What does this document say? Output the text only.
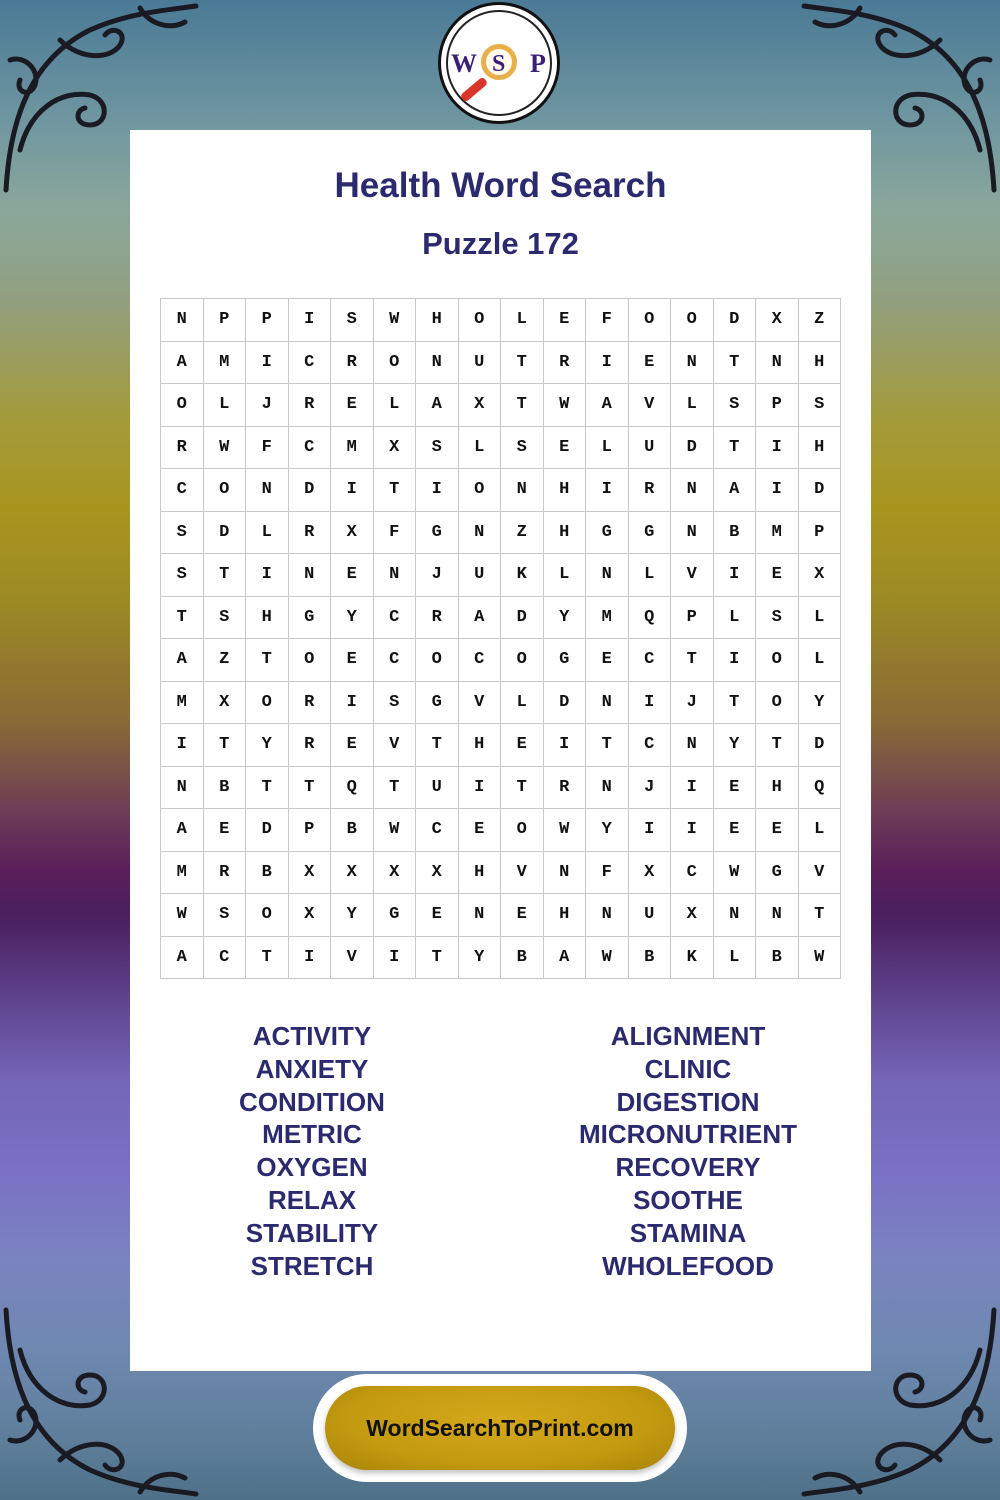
W S P
Health Word Search
Puzzle 172
N	P	P	I	S	W	H	O	L	E	F	O	O	D	X	Z
A	M	I	C	R	O	N	U	T	R	I	E	N	T	N	H
O	L	J	R	E	L	A	X	T	W	A	V	L	S	P	S
R	W	F	C	M	X	S	L	S	E	L	U	D	T	I	H
C	O	N	D	I	T	I	O	N	H	I	R	N	A	I	D
S	D	L	R	X	F	G	N	Z	H	G	G	N	B	M	P
S	T	I	N	E	N	J	U	K	L	N	L	V	I	E	X
T	S	H	G	Y	C	R	A	D	Y	M	Q	P	L	S	L
A	Z	T	O	E	C	O	C	O	G	E	C	T	I	O	L
M	X	O	R	I	S	G	V	L	D	N	I	J	T	O	Y
I	T	Y	R	E	V	T	H	E	I	T	C	N	Y	T	D
N	B	T	T	Q	T	U	I	T	R	N	J	I	E	H	Q
A	E	D	P	B	W	C	E	O	W	Y	I	I	E	E	L
M	R	B	X	X	X	X	H	V	N	F	X	C	W	G	V
W	S	O	X	Y	G	E	N	E	H	N	U	X	N	N	T
A	C	T	I	V	I	T	Y	B	A	W	B	K	L	B	W
ACTIVITY
ANXIETY
CONDITION
METRIC
OXYGEN
RELAX
STABILITY
STRETCH
ALIGNMENT
CLINIC
DIGESTION
MICRONUTRIENT
RECOVERY
SOOTHE
STAMINA
WHOLEFOOD
WordSearchToPrint.com
